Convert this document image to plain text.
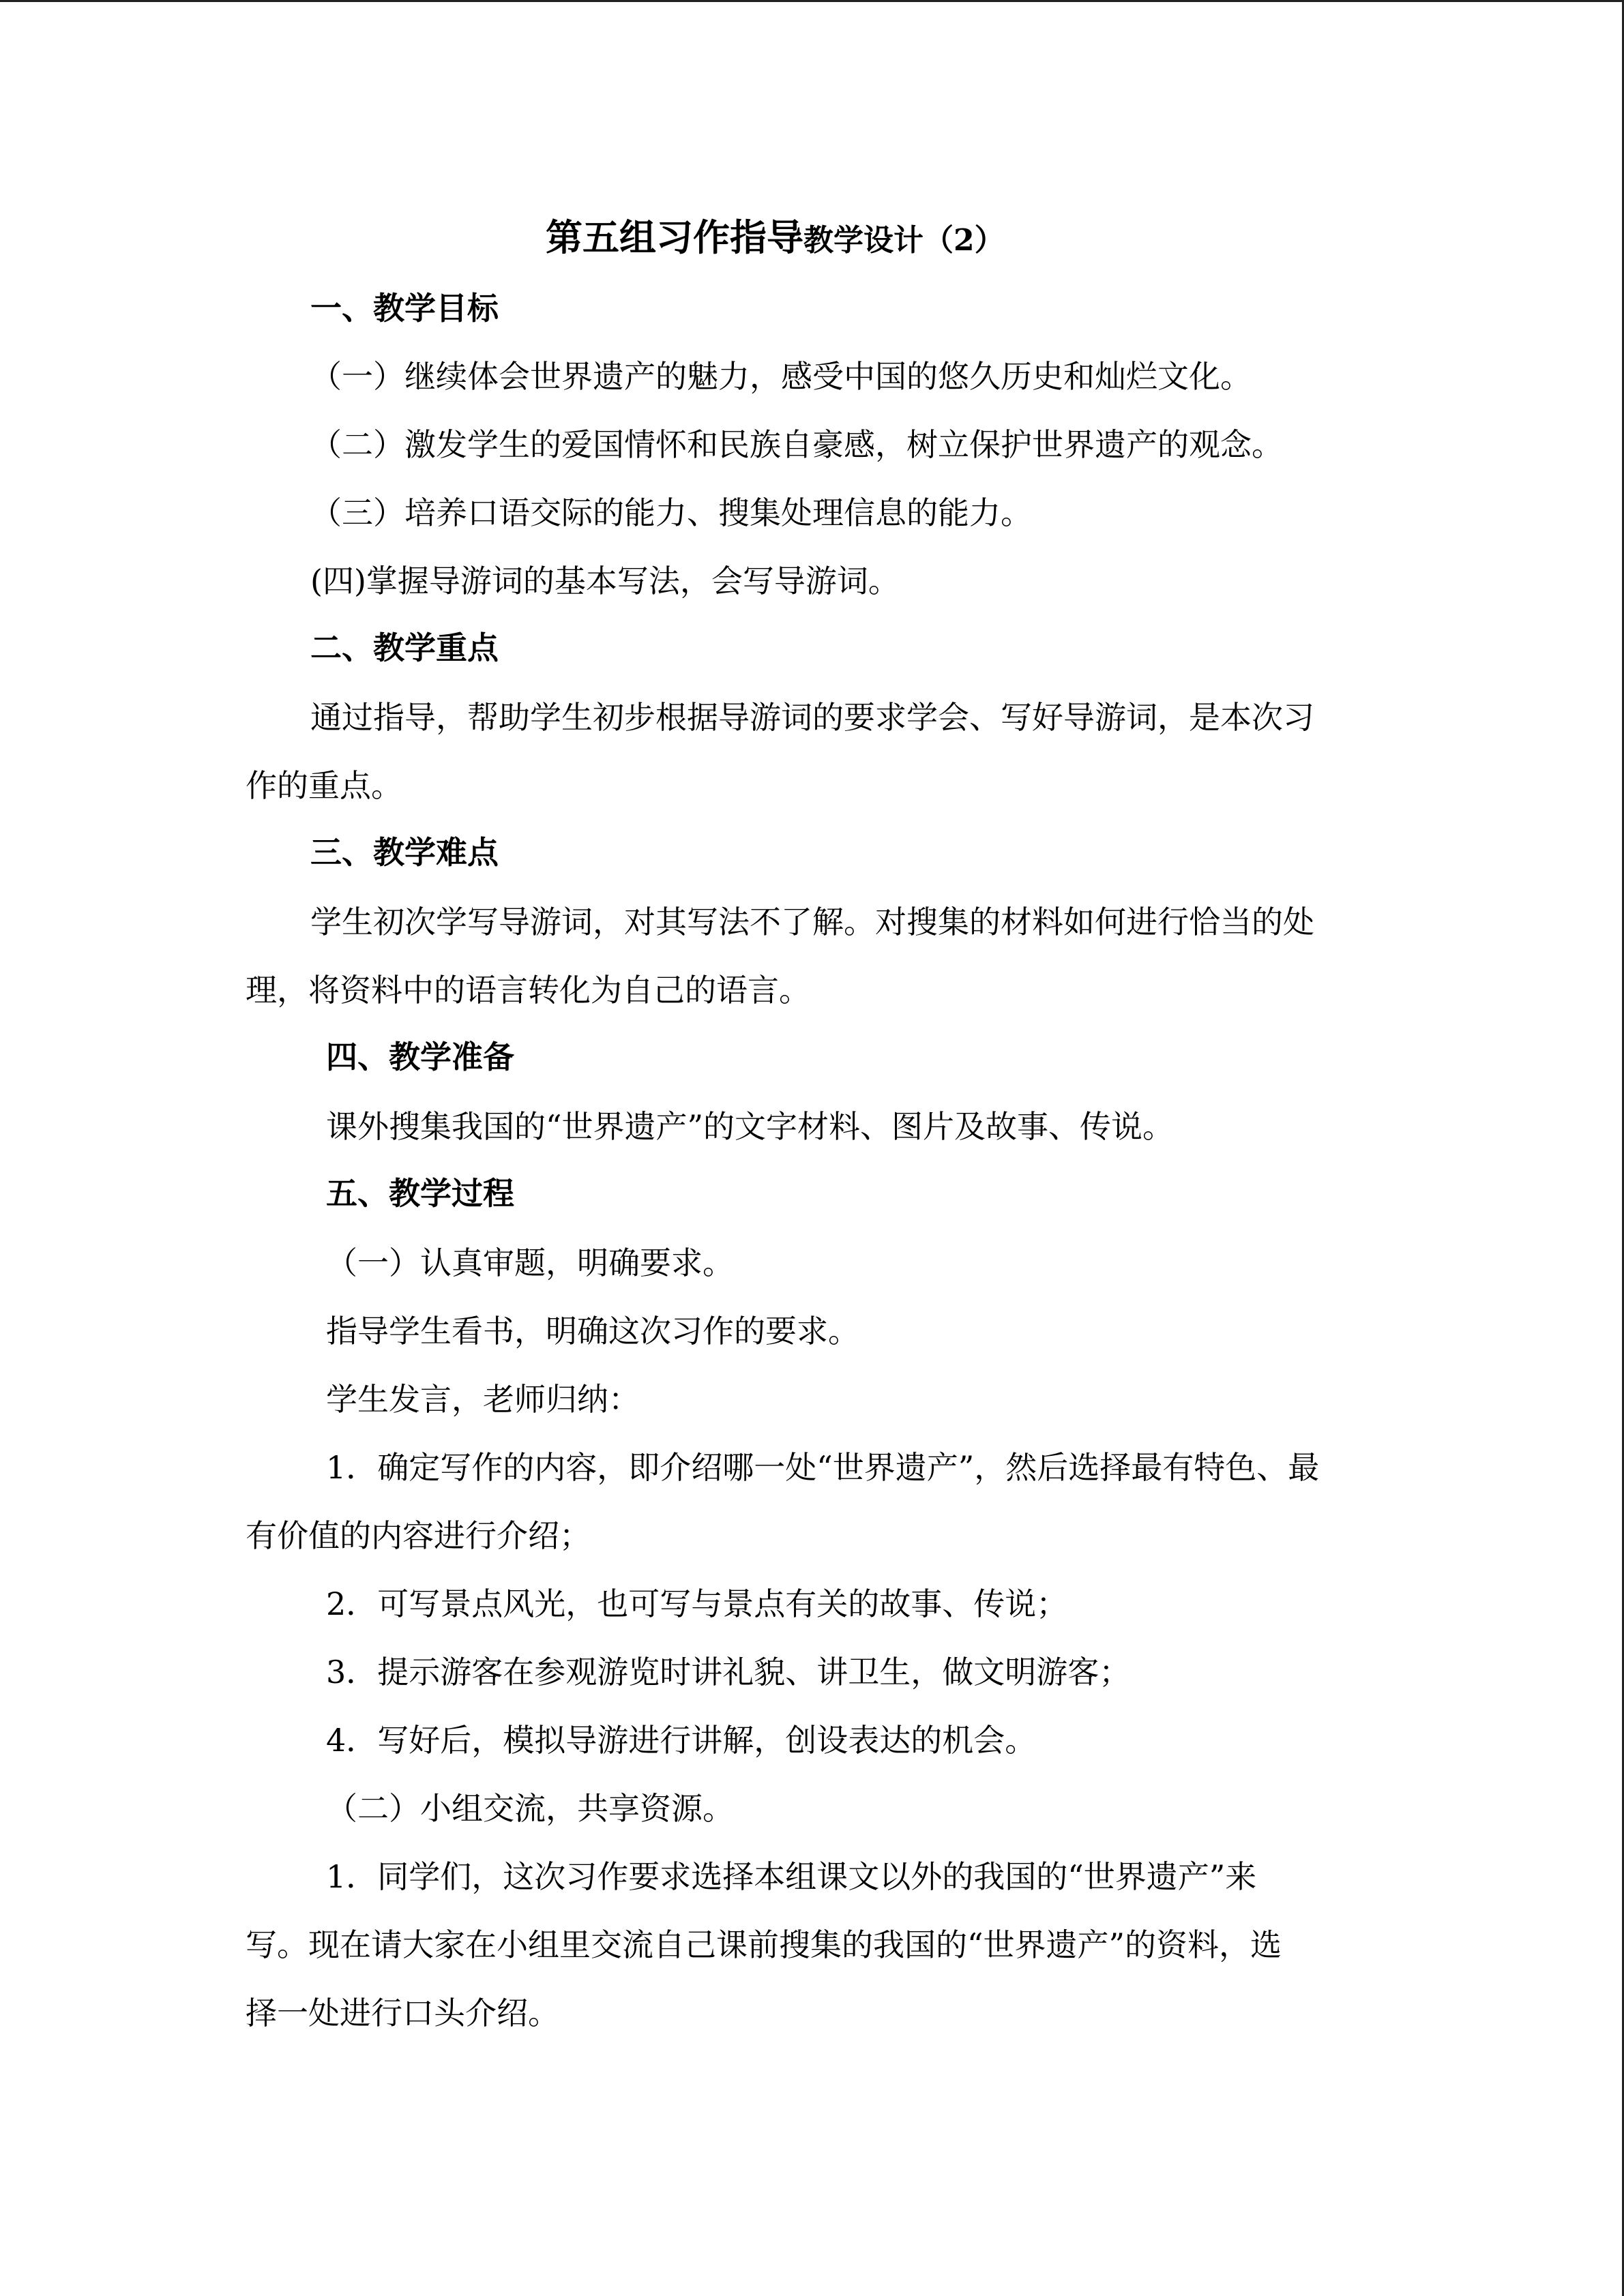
第五组习作指导教学设计（2）
一、教学目标
（一）继续体会世界遗产的魅力，感受中国的悠久历史和灿烂文化。
（二）激发学生的爱国情怀和民族自豪感，树立保护世界遗产的观念。
（三）培养口语交际的能力、搜集处理信息的能力。
(四)掌握导游词的基本写法，会写导游词。
二、教学重点
通过指导，帮助学生初步根据导游词的要求学会、写好导游词，是本次习
作的重点。
三、教学难点
学生初次学写导游词，对其写法不了解。对搜集的材料如何进行恰当的处
理，将资料中的语言转化为自己的语言。
四、教学准备
课外搜集我国的“世界遗产”的文字材料、图片及故事、传说。
五、教学过程
（一）认真审题，明确要求。
指导学生看书，明确这次习作的要求。
学生发言，老师归纳：
1．确定写作的内容，即介绍哪一处“世界遗产”，然后选择最有特色、最
有价值的内容进行介绍；
2．可写景点风光，也可写与景点有关的故事、传说；
3．提示游客在参观游览时讲礼貌、讲卫生，做文明游客；
4．写好后，模拟导游进行讲解，创设表达的机会。
（二）小组交流，共享资源。
1．同学们，这次习作要求选择本组课文以外的我国的“世界遗产”来
写。现在请大家在小组里交流自己课前搜集的我国的“世界遗产”的资料，选
择一处进行口头介绍。
